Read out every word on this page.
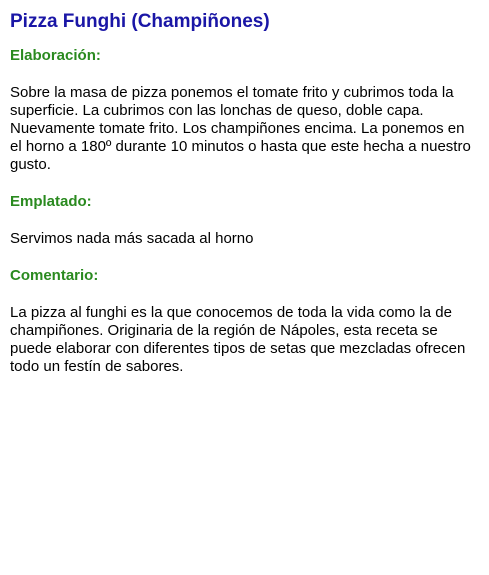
Pizza Funghi (Champiñones)
Elaboración:

Sobre la masa de pizza ponemos el tomate frito y cubrimos toda la superficie. La cubrimos con las lonchas de queso, doble capa. Nuevamente tomate frito. Los champiñones encima. La ponemos en el horno a 180º durante 10 minutos o hasta que este hecha a nuestro gusto.

Emplatado:

Servimos nada más sacada al horno

Comentario:

La pizza al funghi es la que conocemos de toda la vida como la de champiñones. Originaria de la región de Nápoles, esta receta se puede elaborar con diferentes tipos de setas que mezcladas ofrecen todo un festín de sabores.
